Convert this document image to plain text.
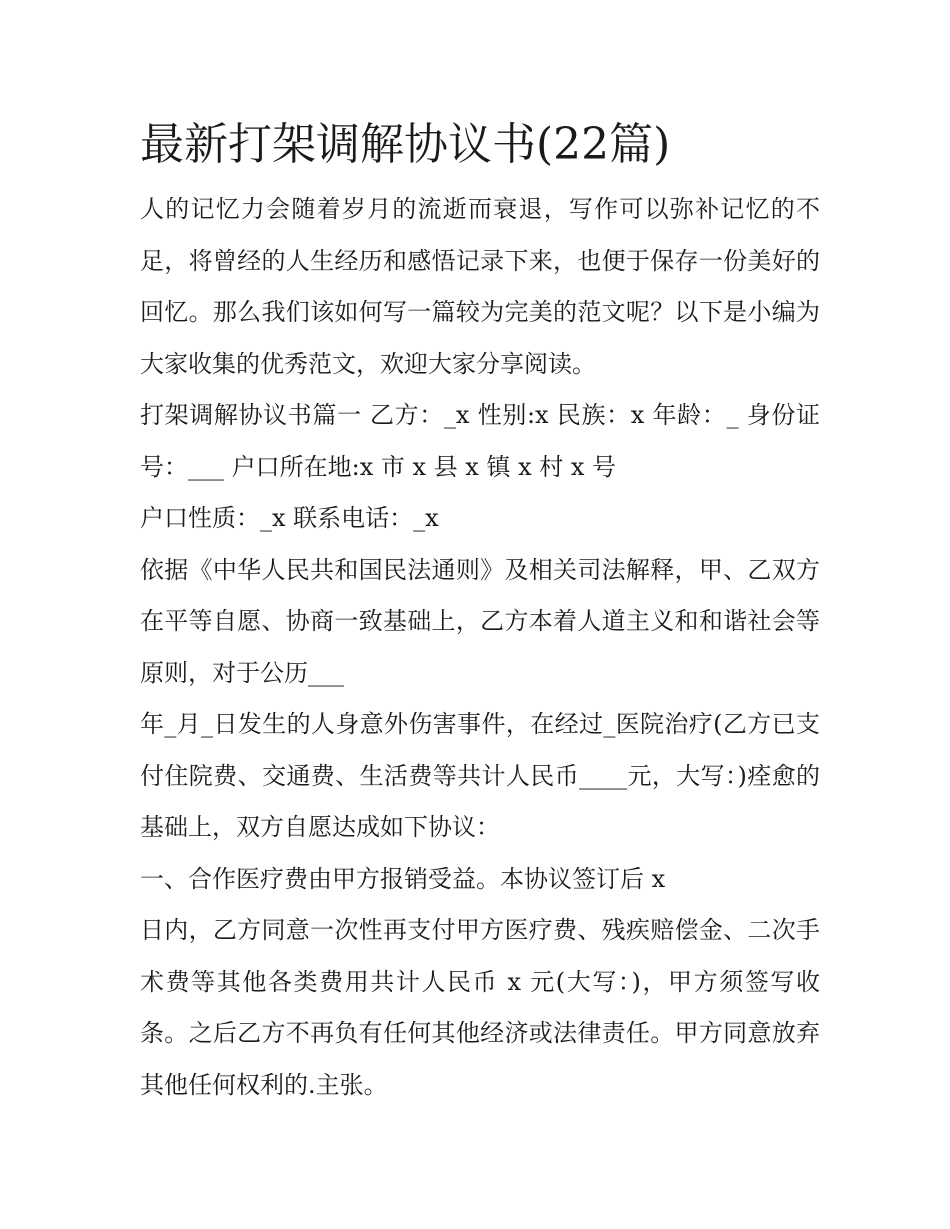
最新打架调解协议书(22篇)

人的记忆力会随着岁月的流逝而衰退，写作可以弥补记忆的不足，将曾经的人生经历和感悟记录下来，也便于保存一份美好的回忆。那么我们该如何写一篇较为完美的范文呢？以下是小编为大家收集的优秀范文，欢迎大家分享阅读。

打架调解协议书篇一 乙方：_x 性别:x 民族：x 年龄：_ 身份证号：___ 户口所在地:x 市 x 县 x 镇 x 村 x 号

户口性质：_x 联系电话：_x

依据《中华人民共和国民法通则》及相关司法解释，甲、乙双方在平等自愿、协商一致基础上，乙方本着人道主义和和谐社会等原则，对于公历___

年_月_日发生的人身意外伤害事件，在经过_医院治疗(乙方已支付住院费、交通费、生活费等共计人民币____元，大写：)痊愈的基础上，双方自愿达成如下协议：

一、合作医疗费由甲方报销受益。本协议签订后 x

日内，乙方同意一次性再支付甲方医疗费、残疾赔偿金、二次手术费等其他各类费用共计人民币 x 元(大写：)，甲方须签写收条。之后乙方不再负有任何其他经济或法律责任。甲方同意放弃其他任何权利的.主张。
